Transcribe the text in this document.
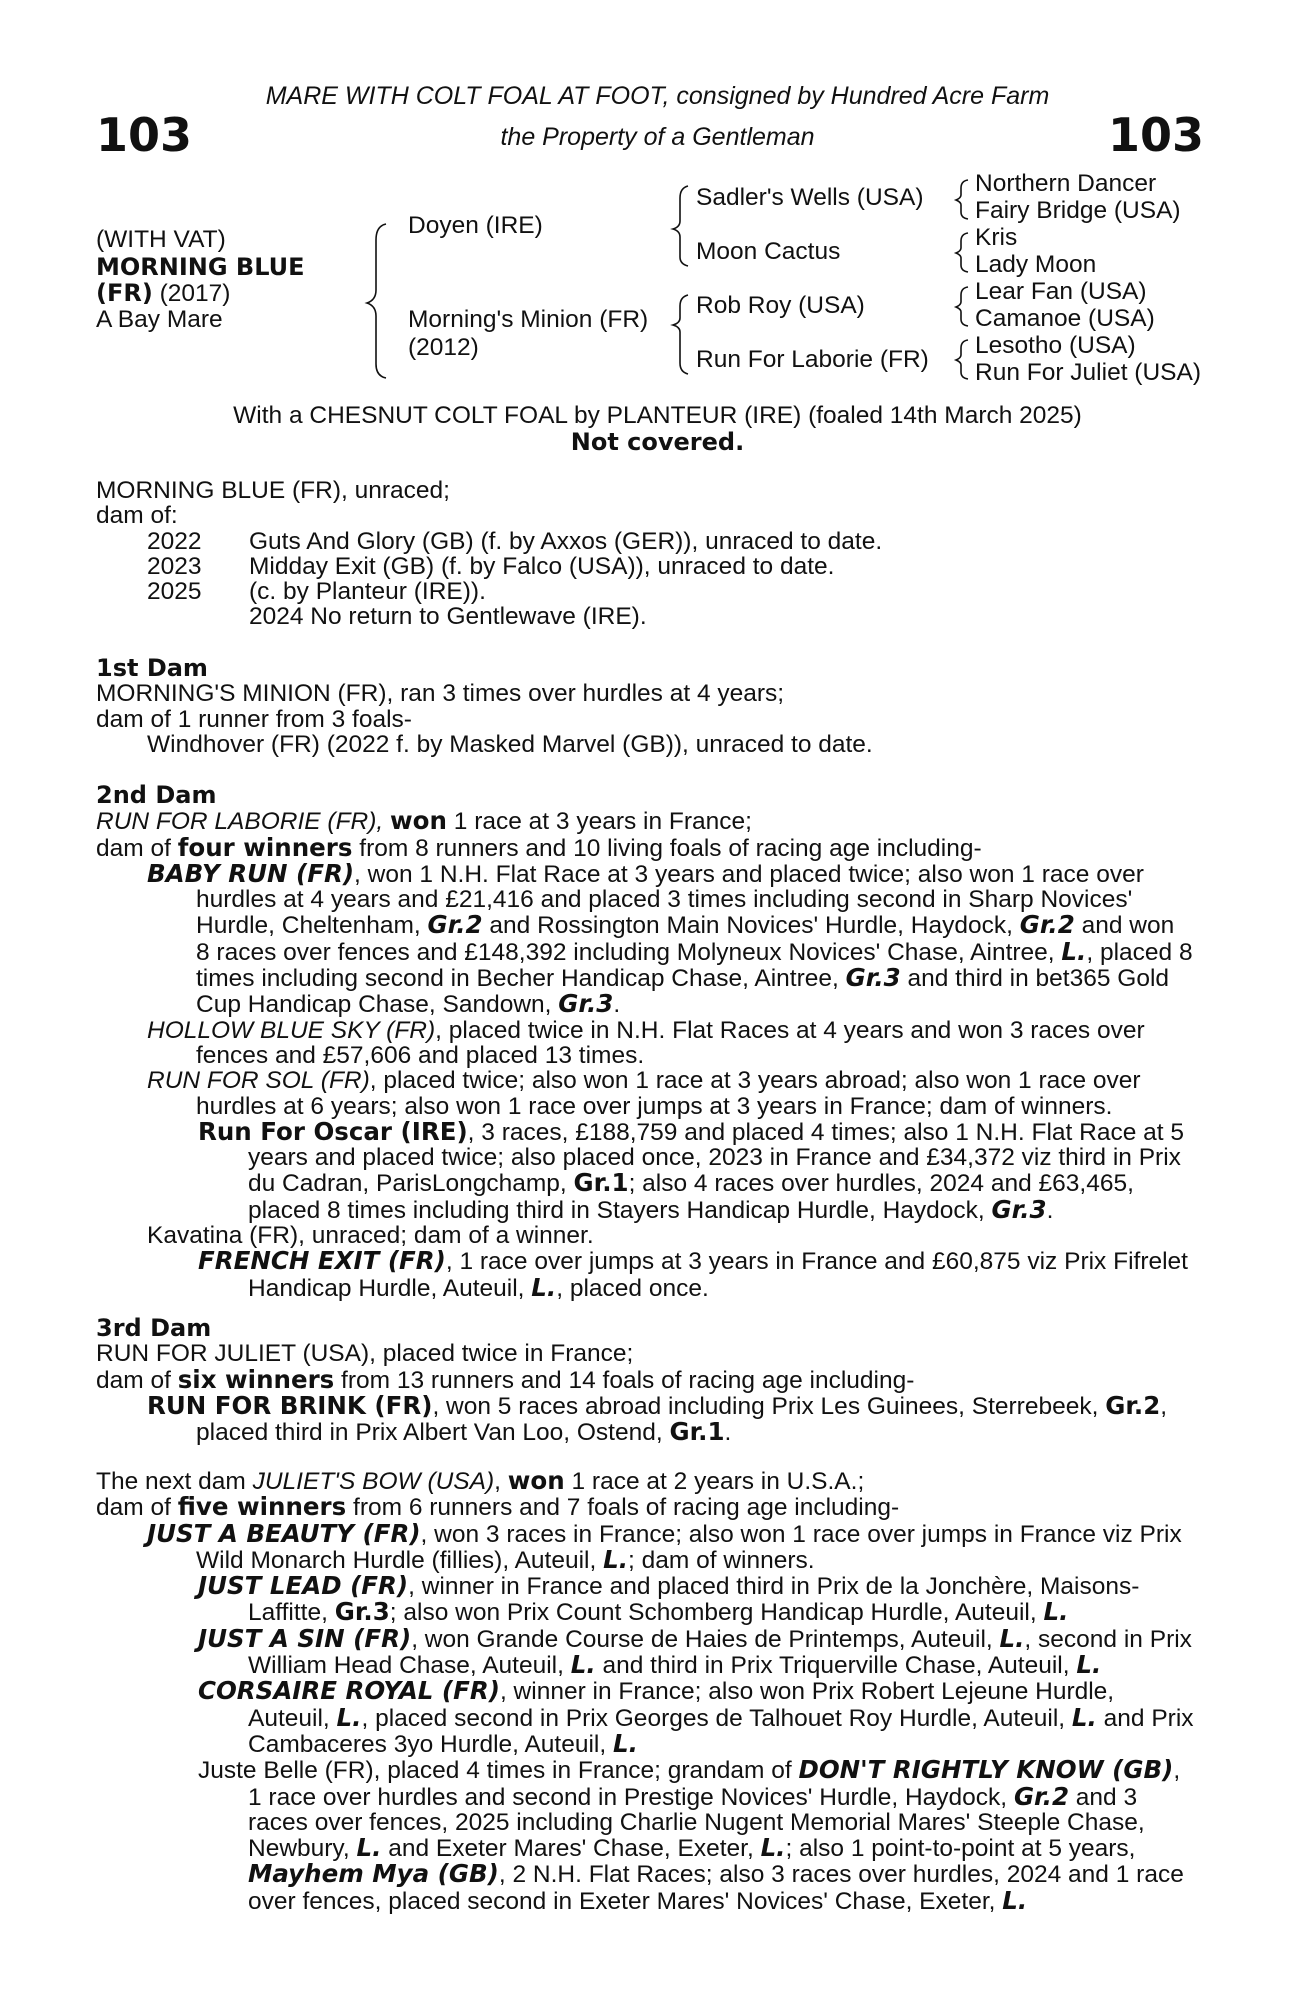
103	103
MARE WITH COLT FOAL AT FOOT, consigned by Hundred Acre Farm
the Property of a Gentleman
(WITH VAT)
MORNING BLUE
(FR) (2017)
A Bay Mare
Doyen (IRE)
Morning's Minion (FR)
(2012)
Sadler's Wells (USA)
Moon Cactus
Rob Roy (USA)
Run For Laborie (FR)
Northern Dancer
Fairy Bridge (USA)
Kris
Lady Moon
Lear Fan (USA)
Camanoe (USA)
Lesotho (USA)
Run For Juliet (USA)
With a CHESNUT COLT FOAL by PLANTEUR (IRE) (foaled 14th March 2025)
Not covered.

MORNING BLUE (FR), unraced;

dam of:

2022 Guts And Glory (GB) (f. by Axxos (GER)), unraced to date.

2023 Midday Exit (GB) (f. by Falco (USA)), unraced to date.

2025 (c. by Planteur (IRE)).

2024 No return to Gentlewave (IRE).

1st Dam

MORNING'S MINION (FR), ran 3 times over hurdles at 4 years;

dam of 1 runner from 3 foals-

Windhover (FR) (2022 f. by Masked Marvel (GB)), unraced to date.

2nd Dam

RUN FOR LABORIE (FR), won 1 race at 3 years in France;

dam of four winners from 8 runners and 10 living foals of racing age including-

BABY RUN (FR), won 1 N.H. Flat Race at 3 years and placed twice; also won 1 race over hurdles at 4 years and £21,416 and placed 3 times including second in Sharp Novices' Hurdle, Cheltenham, Gr.2 and Rossington Main Novices' Hurdle, Haydock, Gr.2 and won 8 races over fences and £148,392 including Molyneux Novices' Chase, Aintree, L., placed 8 times including second in Becher Handicap Chase, Aintree, Gr.3 and third in bet365 Gold Cup Handicap Chase, Sandown, Gr.3.

HOLLOW BLUE SKY (FR), placed twice in N.H. Flat Races at 4 years and won 3 races over fences and £57,606 and placed 13 times.

RUN FOR SOL (FR), placed twice; also won 1 race at 3 years abroad; also won 1 race over hurdles at 6 years; also won 1 race over jumps at 3 years in France; dam of winners.

Run For Oscar (IRE), 3 races, £188,759 and placed 4 times; also 1 N.H. Flat Race at 5 years and placed twice; also placed once, 2023 in France and £34,372 viz third in Prix du Cadran, ParisLongchamp, Gr.1; also 4 races over hurdles, 2024 and £63,465, placed 8 times including third in Stayers Handicap Hurdle, Haydock, Gr.3.

Kavatina (FR), unraced; dam of a winner.

FRENCH EXIT (FR), 1 race over jumps at 3 years in France and £60,875 viz Prix Fifrelet Handicap Hurdle, Auteuil, L., placed once.

3rd Dam

RUN FOR JULIET (USA), placed twice in France;

dam of six winners from 13 runners and 14 foals of racing age including-

RUN FOR BRINK (FR), won 5 races abroad including Prix Les Guinees, Sterrebeek, Gr.2, placed third in Prix Albert Van Loo, Ostend, Gr.1.

The next dam JULIET'S BOW (USA), won 1 race at 2 years in U.S.A.;

dam of five winners from 6 runners and 7 foals of racing age including-

JUST A BEAUTY (FR), won 3 races in France; also won 1 race over jumps in France viz Prix Wild Monarch Hurdle (fillies), Auteuil, L.; dam of winners.

JUST LEAD (FR), winner in France and placed third in Prix de la Jonchère, Maisons-Laffitte, Gr.3; also won Prix Count Schomberg Handicap Hurdle, Auteuil, L.

JUST A SIN (FR), won Grande Course de Haies de Printemps, Auteuil, L., second in Prix William Head Chase, Auteuil, L. and third in Prix Triquerville Chase, Auteuil, L.

CORSAIRE ROYAL (FR), winner in France; also won Prix Robert Lejeune Hurdle, Auteuil, L., placed second in Prix Georges de Talhouet Roy Hurdle, Auteuil, L. and Prix Cambaceres 3yo Hurdle, Auteuil, L.

Juste Belle (FR), placed 4 times in France; grandam of DON'T RIGHTLY KNOW (GB), 1 race over hurdles and second in Prestige Novices' Hurdle, Haydock, Gr.2 and 3 races over fences, 2025 including Charlie Nugent Memorial Mares' Steeple Chase, Newbury, L. and Exeter Mares' Chase, Exeter, L.; also 1 point-to-point at 5 years, Mayhem Mya (GB), 2 N.H. Flat Races; also 3 races over hurdles, 2024 and 1 race over fences, placed second in Exeter Mares' Novices' Chase, Exeter, L.
